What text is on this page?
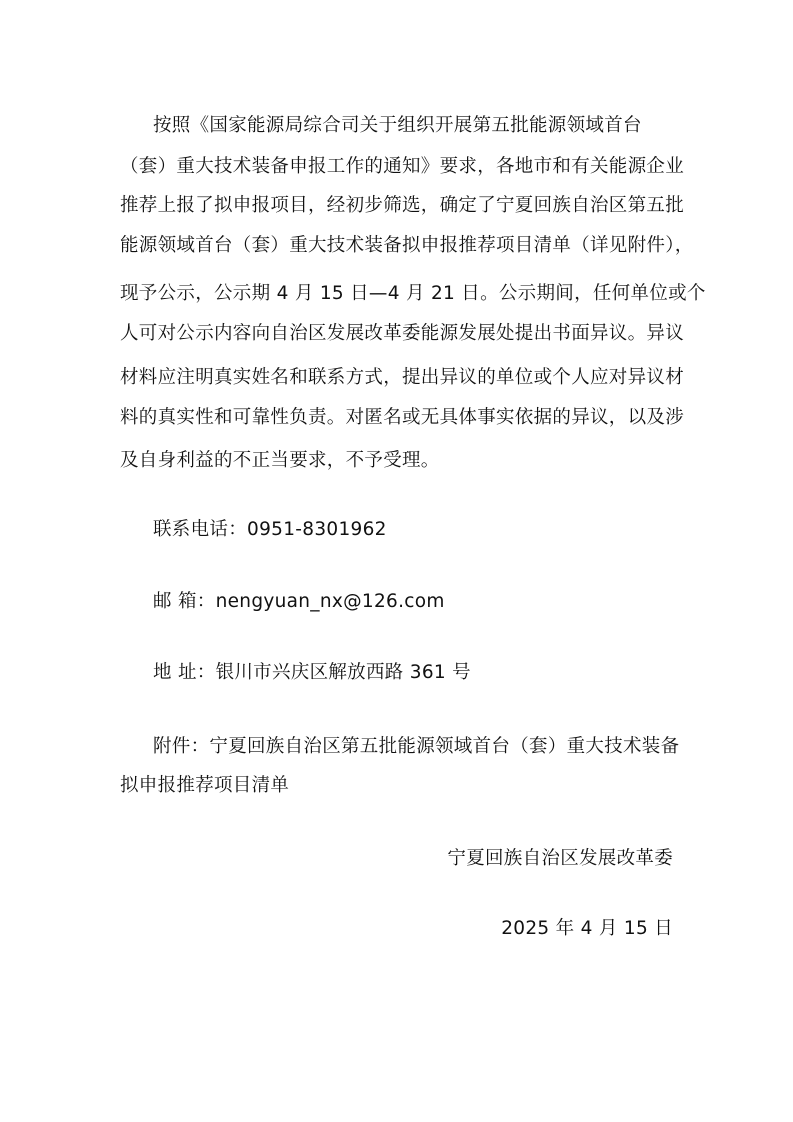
按照《国家能源局综合司关于组织开展第五批能源领域首台
（套）重大技术装备申报工作的通知》要求，各地市和有关能源企业
推荐上报了拟申报项目，经初步筛选，确定了宁夏回族自治区第五批
能源领域首台（套）重大技术装备拟申报推荐项目清单（详见附件），
现予公示，公示期 4 月 15 日—4 月 21 日。公示期间，任何单位或个
人可对公示内容向自治区发展改革委能源发展处提出书面异议。异议
材料应注明真实姓名和联系方式，提出异议的单位或个人应对异议材
料的真实性和可靠性负责。对匿名或无具体事实依据的异议，以及涉
及自身利益的不正当要求，不予受理。
联系电话：0951-8301962
邮 箱：nengyuan_nx@126.com
地 址：银川市兴庆区解放西路 361 号
附件：宁夏回族自治区第五批能源领域首台（套）重大技术装备
拟申报推荐项目清单
宁夏回族自治区发展改革委
2025 年 4 月 15 日
